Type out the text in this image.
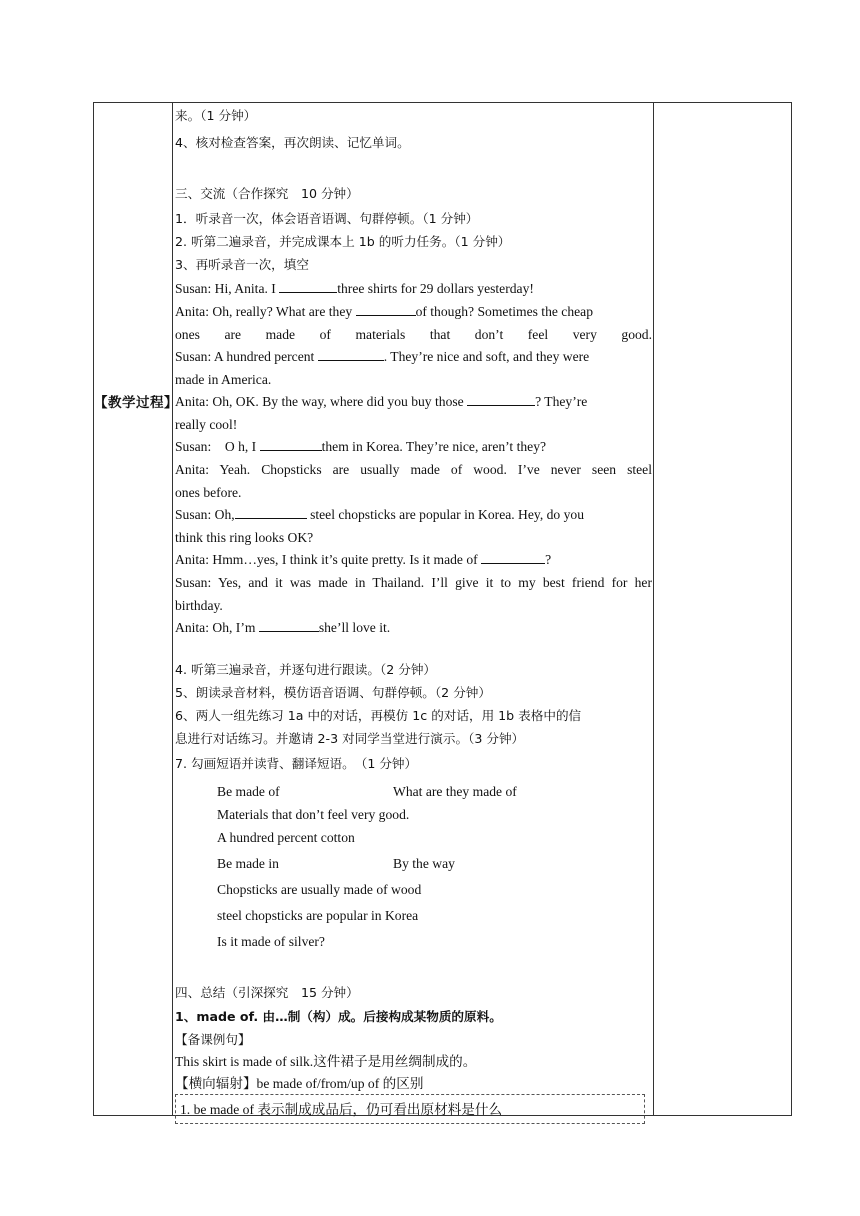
【教学过程】
来。（1 分钟）
4、核对检查答案，再次朗读、记忆单词。
三、交流（合作探究　10 分钟）
1．听录音一次，体会语音语调、句群停顿。（1 分钟）
2. 听第二遍录音，并完成课本上 1b 的听力任务。（1 分钟）
3、再听录音一次，填空
Susan: Hi, Anita. I	three shirts for 29 dollars yesterday!
Anita: Oh, really? What are they	of though? Sometimes the cheap
ones are made of materials that don’t feel very good.
Susan: A hundred percent	. They’re nice and soft, and they were
made in America.
Anita: Oh, OK. By the way, where did you buy those	? They’re
really cool!
Susan:　O h, I	them in Korea. They’re nice, aren’t they?
Anita: Yeah. Chopsticks are usually made of wood. I’ve never seen steel
ones before.
Susan: Oh,	steel chopsticks are popular in Korea. Hey, do you
think this ring looks OK?
Anita: Hmm…yes, I think it’s quite pretty. Is it made of	?
Susan: Yes, and it was made in Thailand. I’ll give it to my best friend for her
birthday.
Anita: Oh, I’m	she’ll love it.
4. 听第三遍录音，并逐句进行跟读。（2 分钟）
5、朗读录音材料，模仿语音语调、句群停顿。（2 分钟）
6、两人一组先练习 1a 中的对话，再模仿 1c 的对话，用 1b 表格中的信
息进行对话练习。并邀请 2-3 对同学当堂进行演示。（3 分钟）
7. 勾画短语并读背、翻译短语。　（1 分钟）
Be made of	What are they made of
Materials that don’t feel very good.
A hundred percent cotton
Be made in	By the way
Chopsticks are usually made of wood
steel chopsticks are popular in Korea
Is it made of silver?
四、总结（引深探究　15 分钟）
1、made of. 由…制（构）成。后接构成某物质的原料。
【备课例句】
This skirt is made of silk.这件裙子是用丝绸制成的。
【横向辐射】be made of/from/up of 的区别
1. be made of 表示制成成品后，仍可看出原材料是什么
